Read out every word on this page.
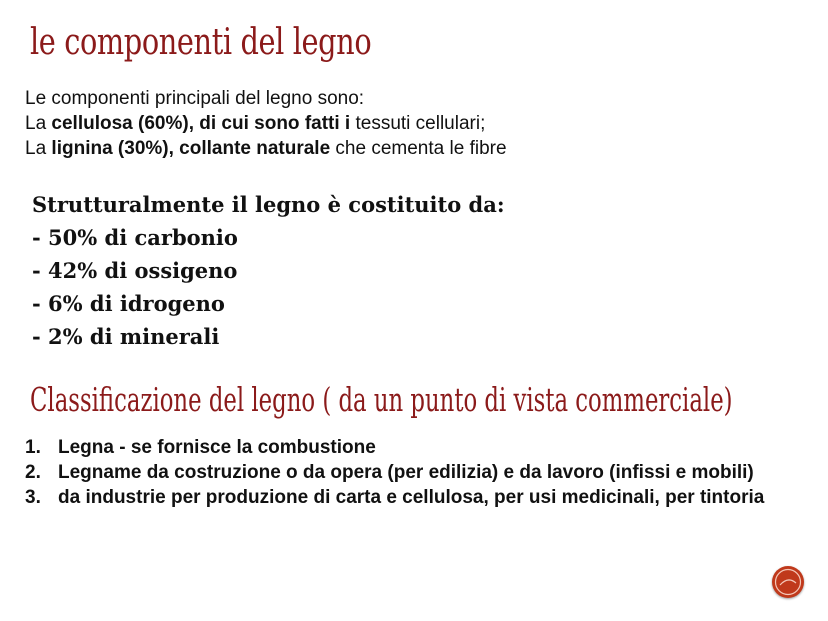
le componenti del legno
Le componenti principali del legno sono:
La cellulosa (60%), di cui sono fatti i tessuti cellulari;
La lignina (30%), collante naturale che cementa le fibre
Strutturalmente il legno è costituito da:
- 50% di carbonio
- 42% di ossigeno
- 6% di idrogeno
- 2% di minerali
Classificazione del legno ( da un punto di vista commerciale)
1. Legna - se fornisce la combustione
2. Legname da costruzione o da opera (per edilizia) e da lavoro (infissi e mobili)
3. da industrie per produzione di carta e cellulosa, per usi medicinali, per tintoria
